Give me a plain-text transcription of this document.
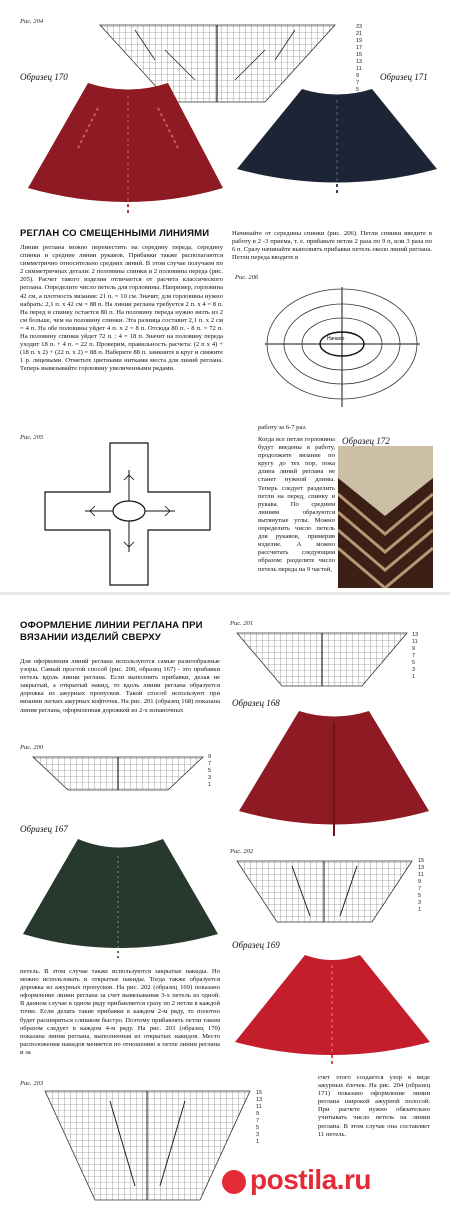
Рис. 204
23
21
19
17
15
13
11
9
7
5
Образец 170	Образец 171
РЕГЛАН СО СМЕЩЕННЫМИ ЛИНИЯМИ
Линии реглана можно переместить на середину переда, середину спинки и средние линии рукавов. Прибавки также располагаются симметрично относительно средних линий. В этом случае получаем по 2 симметричных детали: 2 половины спинки и 2 половины переда (рис. 205). Расчет такого изделия отличается от расчета классического реглана. Определите число петель для горловины. Например, горловина 42 см, а плотность вязания: 21 п. = 10 см. Значит, для горловины нужно набрать: 2,1 п. х 42 см = 88 п. На линии реглана требуется 2 п. х 4 = 8 п. На перед и спинку остается 80 п. На половину переда нужно вязть из 2 см больше, чем на половину спинки. Эта разница составит 2,1 п. х 2 см = 4 п. На обе половины уйдет 4 п. х 2 = 8 п. Отсюда 80 п. - 8 п. = 72 п. На половину спинки уйдет 72 п. : 4 = 18 п. Значит на половину переда уходит 18 п. + 4 п. = 22 п. Проверим, правильность расчета: (2 п х 4) + (18 п. х 2) + (22 п. х 2) = 88 п. Наберите 88 п. замкните в круг и свяжите 1 р. лицевыми. Отметьте цветными нитками места для линий реглана. Теперь вывязывайте горловину увеличенными рядами.
Начинайте от середины спинки (рис. 206). Петли спинки введите в работу в 2 -3 приема, т. е. прибавьте петли 2 раза по 9 п, или 3 раза по 6 п. Сразу начинайте выполнять прибавки петель около линий реглана. Петли переда вводите в
Рис. 206
Начало
Рис. 205
работу за 6-7 раз.
Когда все петли горловины будут введены в работу, продолжите вязание по кругу до тех пор, пока длина линий реглана не станет нужной длины. Теперь следует разделить петли на перед, спинку и рукава. По средним линиям образуются вытянутые углы. Можно определить число петель для рукавов, примерив изделие. А можно рассчитать следующим образом: разделите число петель переда на 9 частей,
Образец 172
ОФОРМЛЕНИЕ ЛИНИИ РЕГЛАНА ПРИ
ВЯЗАНИИ ИЗДЕЛИЙ СВЕРХУ
Для оформления линий реглана используются самые разнообразные узоры. Самый простой способ (рис. 200, образец 167) - это прибавки петель вдоль линии реглана. Если выполнять прибавки, делая не закрытый, а открытый накид, то вдоль линии реглана образуется дорожка из ажурных пропусков. Такой способ используют при вязании легких ажурных кофточек. На рис. 201 (образец 168) показана линия реглана, оформленная дорожкой из 2-х изнаночных
Рис. 201
13
11
9
7
5
3
1
Образец 168
Рис. 200
9
7
5
3
1
Образец 167
Рис. 202
15
13
11
9
7
5
3
1
Образец 169
петель. В этом случае также используются закрытые накиды. Но можно использовать и открытые накиды. Тогда также образуется дорожка из ажурных пропусков. На рис. 202 (образец 169) показано оформление линии реглана за счет вывязывания 3-х петель из одной. В данном случае в одном ряду прибавляется сразу по 2 петли в каждой точке. Если делать такие прибавки в каждом 2-м ряду, то полотно будет расширяться слишком быстро. Поэтому прибавлять петли таким образом следует в каждом 4-м ряду. На рис. 203 (образец 170) показана линия реглана, выполненная из открытых накидов. Место расположения накидов меняется по отношению к петле линии реглана и за
Рис. 203
15
13
11
9
7
5
3
1
счет этого создается узор в виде ажурных ёлочек. На рис. 204 (образец 171) показано оформление линии реглана широкой ажурной полосой. При расчете нужно обязательно учитывать число петель на линии реглана. В этом случае она составляет 11 петель.
postila.ru
